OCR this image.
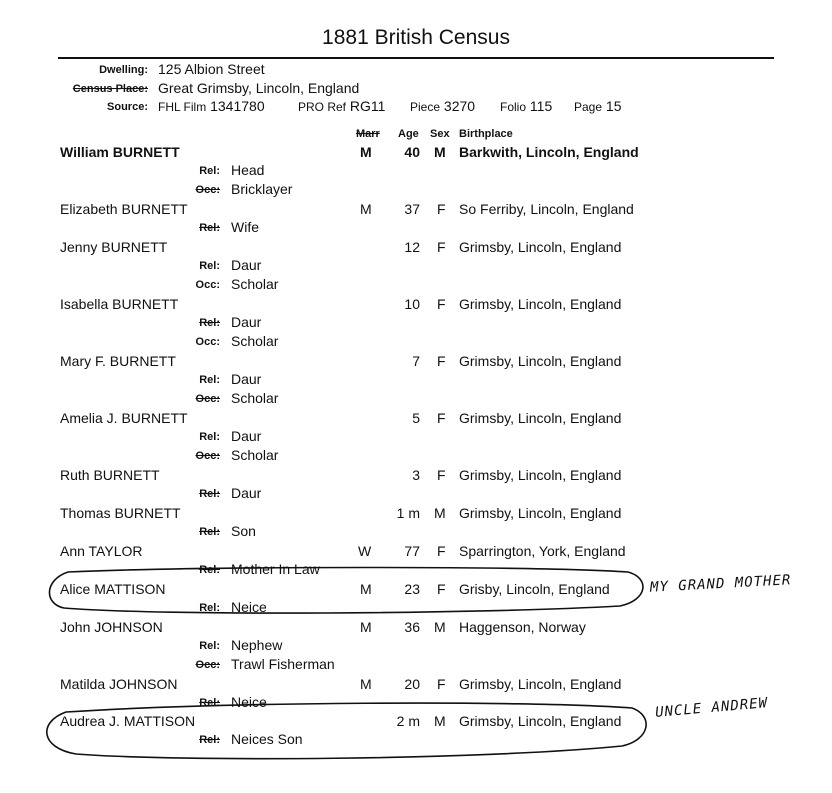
1881 British Census
Dwelling: 125 Albion Street
Census Place: Great Grimsby, Lincoln, England
Source: FHL Film 1341780	PRO Ref RG11 Piece 3270 Folio 115 Page 15
Marr Age Sex Birthplace
William BURNETT	M	40 M Barkwith, Lincoln, England
Rel: Head
Occ: Bricklayer
Elizabeth BURNETT	M	37 F So Ferriby, Lincoln, England
Rel: Wife
Jenny BURNETT	12 F Grimsby, Lincoln, England
Rel: Daur
Occ: Scholar
Isabella BURNETT	10 F Grimsby, Lincoln, England
Rel: Daur
Occ: Scholar
Mary F. BURNETT	7 F Grimsby, Lincoln, England
Rel: Daur
Occ: Scholar
Amelia J. BURNETT	5 F Grimsby, Lincoln, England
Rel: Daur
Occ: Scholar
Ruth BURNETT	3 F Grimsby, Lincoln, England
Rel: Daur
Thomas BURNETT	1 m M Grimsby, Lincoln, England
Rel: Son
Ann TAYLOR	W	77 F Sparrington, York, England
Rel: Mother In Law
Alice MATTISON	M	23 F Grisby, Lincoln, England
Rel: Neice
John JOHNSON	M	36 M Haggenson, Norway
Rel: Nephew
Occ: Trawl Fisherman
Matilda JOHNSON	M	20 F Grimsby, Lincoln, England
Rel: Neice
Audrea J. MATTISON	2 m M Grimsby, Lincoln, England
Rel: Neices Son
MY GRAND MOTHER
UNCLE ANDREW
